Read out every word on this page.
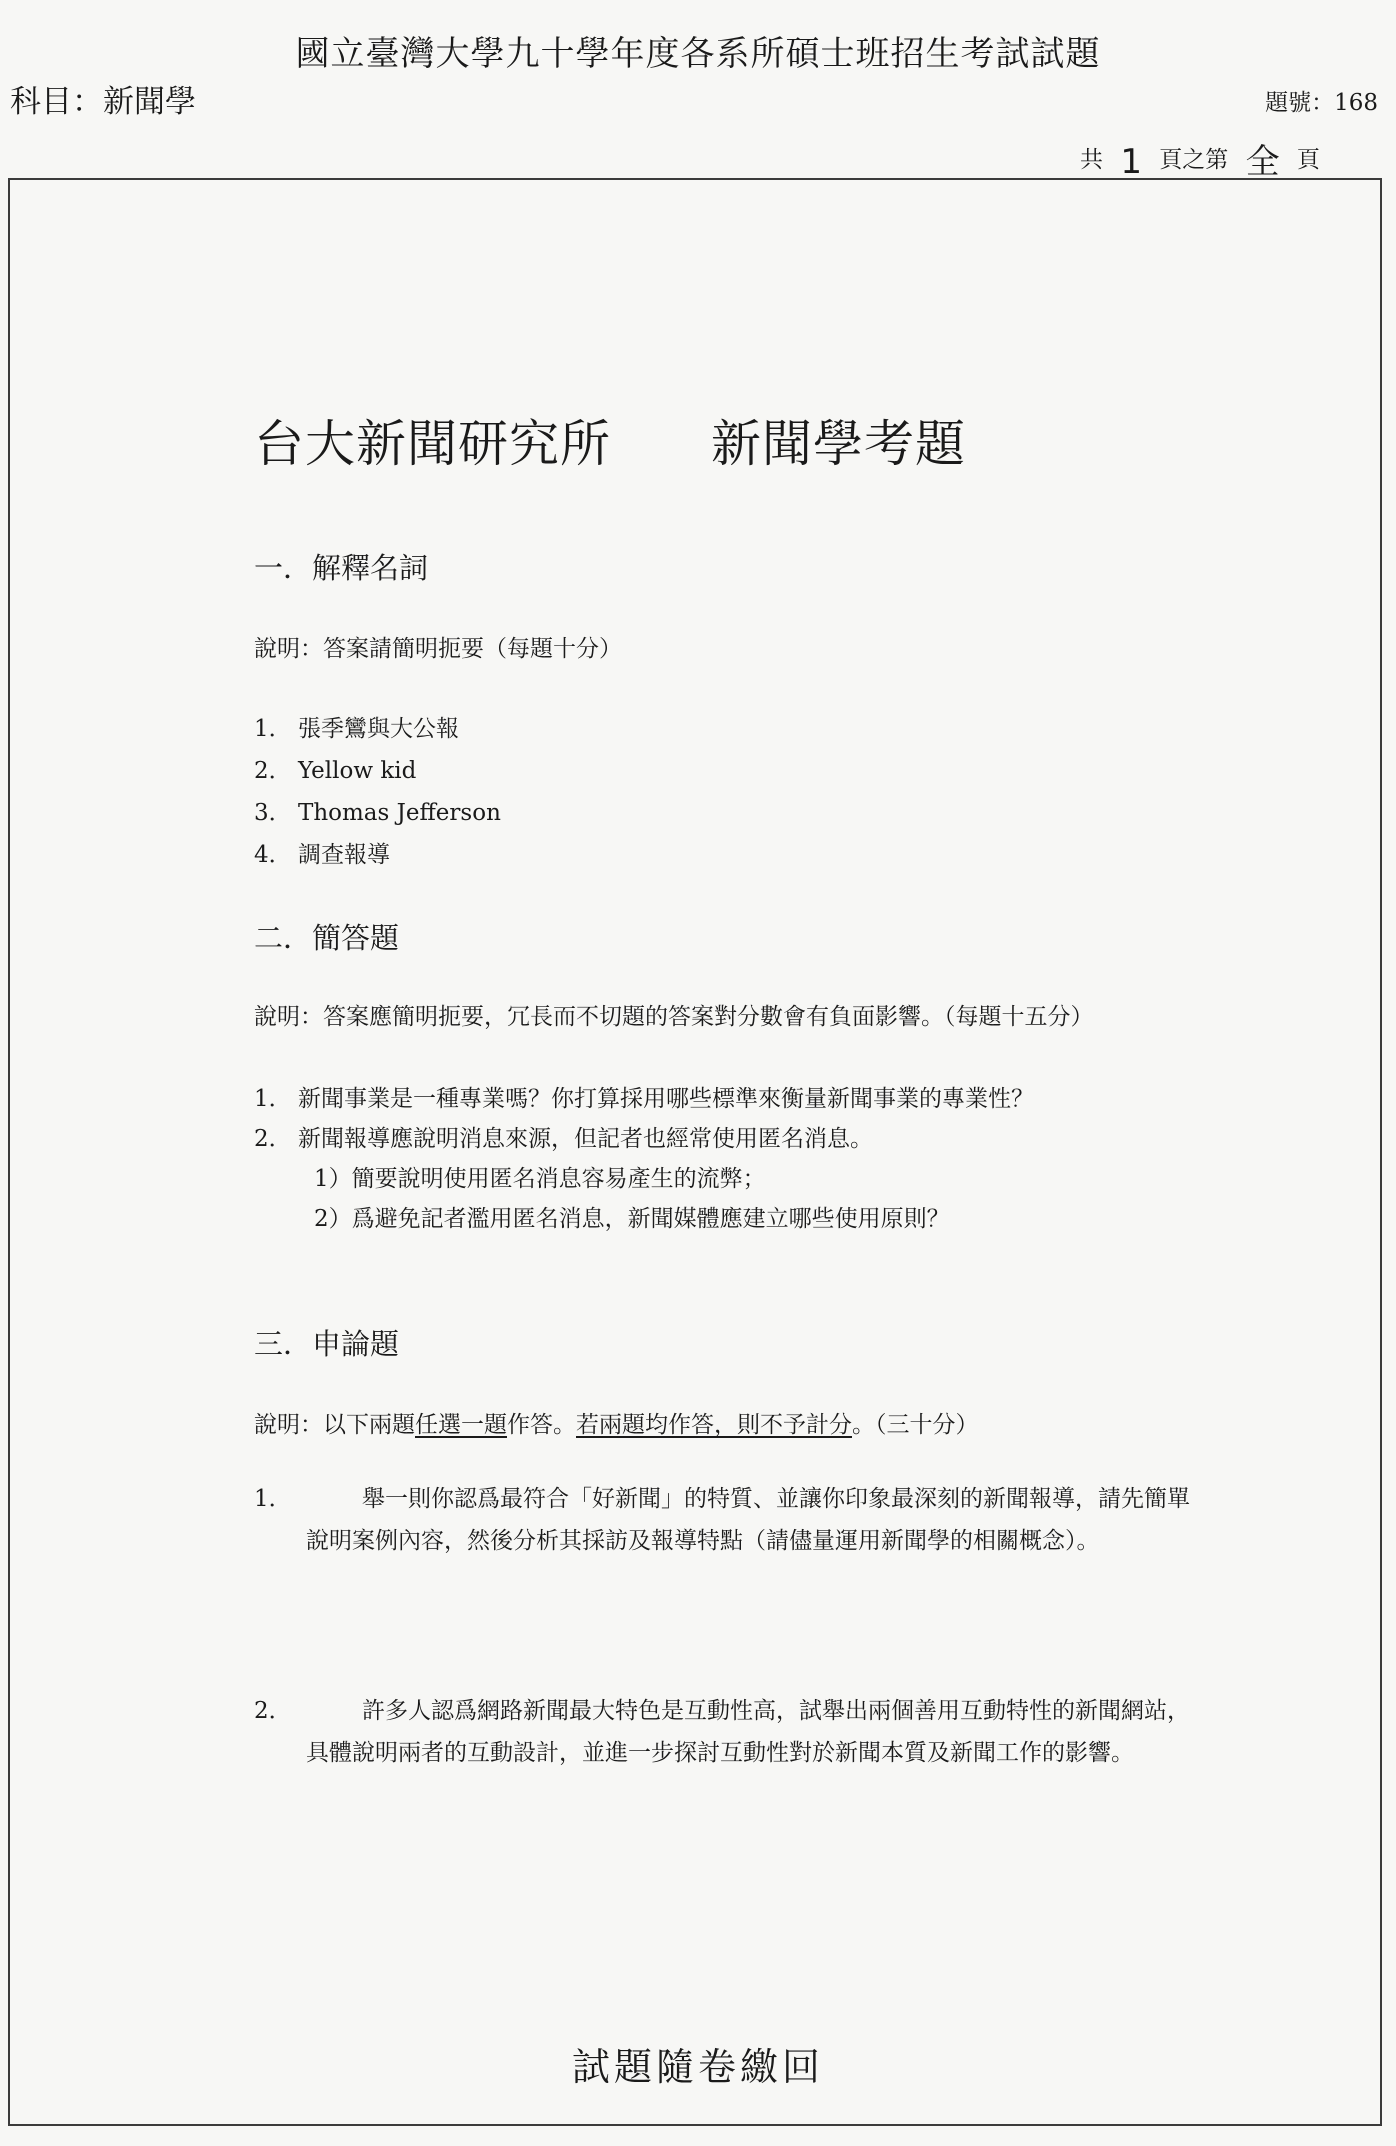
國立臺灣大學九十學年度各系所碩士班招生考試試題
科目：新聞學	題號：168
共 1 頁之第 全 頁
台大新聞研究所 新聞學考題
一．解釋名詞
說明：答案請簡明扼要（每題十分）
1． 張季鸞與大公報
2． Yellow kid
3． Thomas Jefferson
4． 調查報導
二．簡答題
說明：答案應簡明扼要，冗長而不切題的答案對分數會有負面影響。（每題十五分）
1． 新聞事業是一種專業嗎？你打算採用哪些標準來衡量新聞事業的專業性？
2． 新聞報導應說明消息來源，但記者也經常使用匿名消息。
1）簡要說明使用匿名消息容易產生的流弊；
2）爲避免記者濫用匿名消息，新聞媒體應建立哪些使用原則？
三．申論題
說明：以下兩題任選一題作答。若兩題均作答，則不予計分。（三十分）
1．	舉一則你認爲最符合「好新聞」的特質、並讓你印象最深刻的新聞報導，請先簡單說明案例內容，然後分析其採訪及報導特點（請儘量運用新聞學的相關概念）。
2．	許多人認爲網路新聞最大特色是互動性高，試舉出兩個善用互動特性的新聞網站，具體說明兩者的互動設計，並進一步探討互動性對於新聞本質及新聞工作的影響。
試題隨卷繳回
